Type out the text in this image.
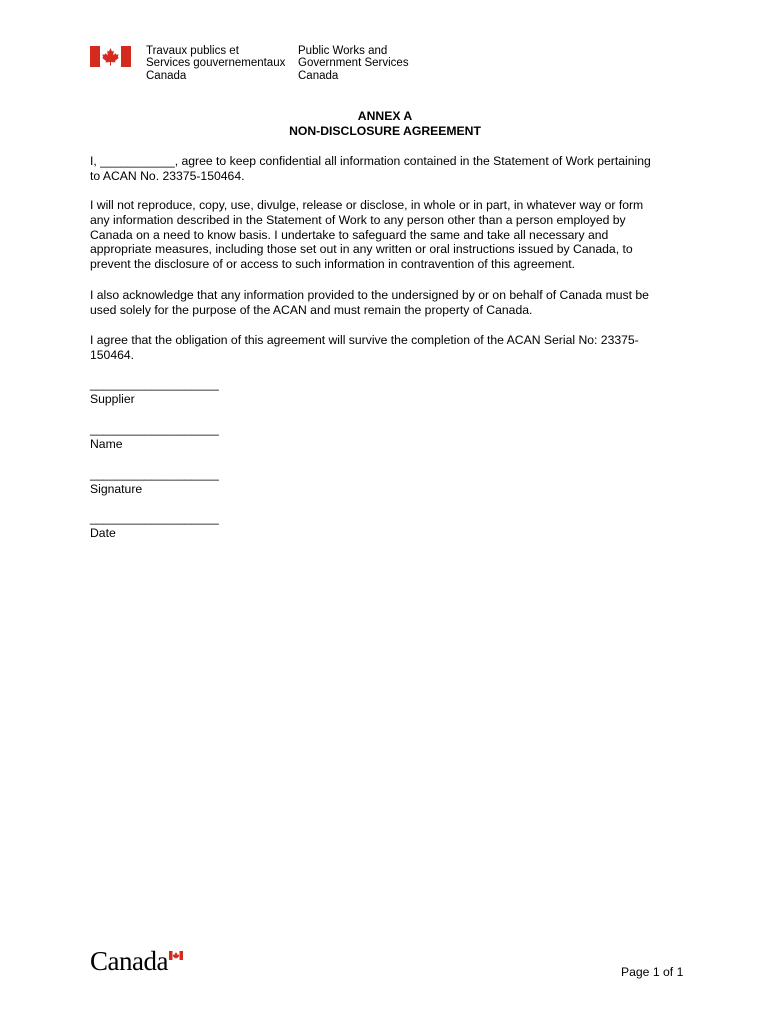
Travaux publics et
Services gouvernementaux
Canada
Public Works and
Government Services
Canada
ANNEX A
NON-DISCLOSURE AGREEMENT
I, ___________, agree to keep confidential all information contained in the Statement of Work pertaining
to ACAN No. 23375-150464.
I will not reproduce, copy, use, divulge, release or disclose, in whole or in part, in whatever way or form
any information described in the Statement of Work to any person other than a person employed by
Canada on a need to know basis. I undertake to safeguard the same and take all necessary and
appropriate measures, including those set out in any written or oral instructions issued by Canada, to
prevent the disclosure of or access to such information in contravention of this agreement.
I also acknowledge that any information provided to the undersigned by or on behalf of Canada must be
used solely for the purpose of the ACAN and must remain the property of Canada.
I agree that the obligation of this agreement will survive the completion of the ACAN Serial No: 23375-
150464.
___________________
Supplier
___________________
Name
___________________
Signature
___________________
Date
Canada	Page 1 of 1
